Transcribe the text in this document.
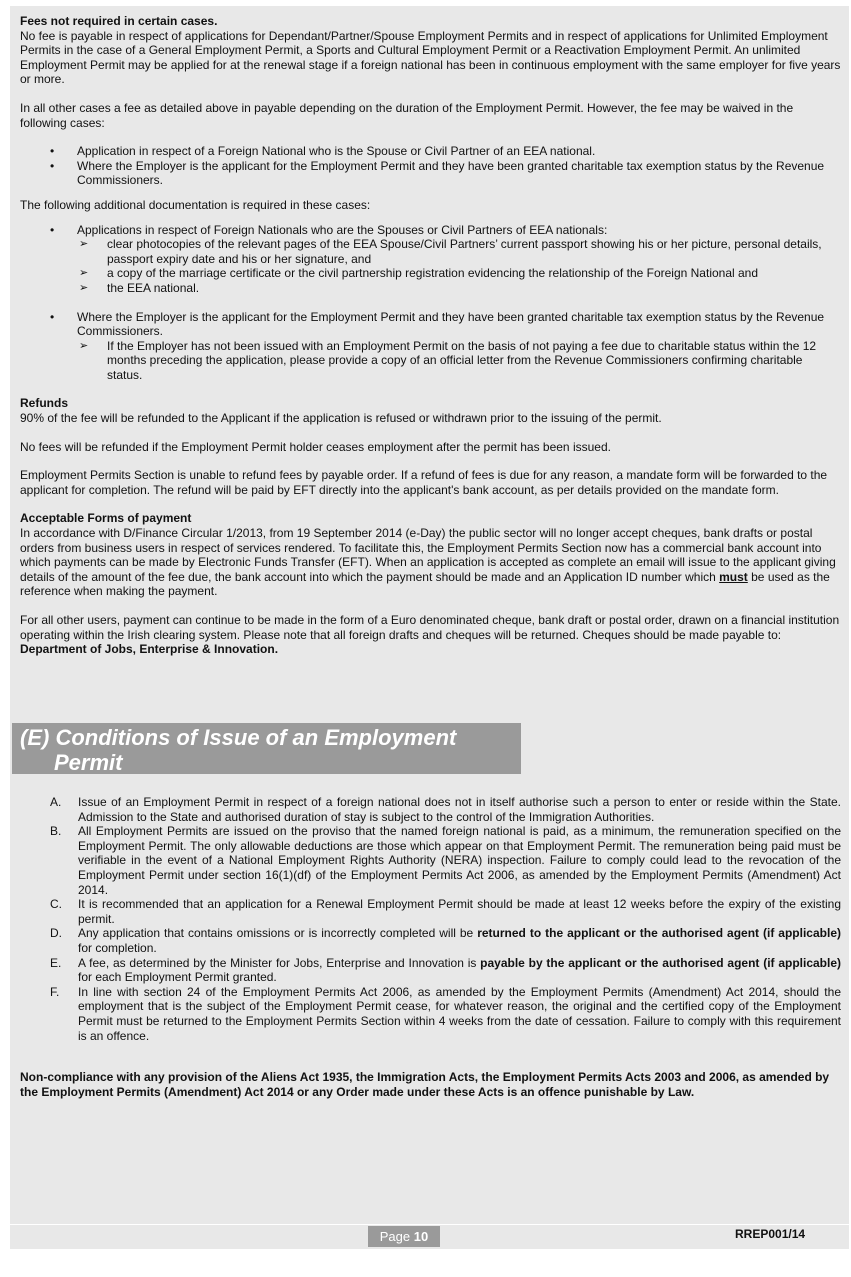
Fees not required in certain cases.

No fee is payable in respect of applications for Dependant/Partner/Spouse Employment Permits and in respect of applications for Unlimited Employment Permits in the case of a General Employment Permit, a Sports and Cultural Employment Permit or a Reactivation Employment Permit. An unlimited Employment Permit may be applied for at the renewal stage if a foreign national has been in continuous employment with the same employer for five years or more.

In all other cases a fee as detailed above in payable depending on the duration of the Employment Permit. However, the fee may be waived in the following cases:

• Application in respect of a Foreign National who is the Spouse or Civil Partner of an EEA national.
• Where the Employer is the applicant for the Employment Permit and they have been granted charitable tax exemption status by the Revenue Commissioners.

The following additional documentation is required in these cases:

• Applications in respect of Foreign Nationals who are the Spouses or Civil Partners of EEA nationals:

➢ clear photocopies of the relevant pages of the EEA Spouse/Civil Partners’ current passport showing his or her picture, personal details, passport expiry date and his or her signature, and
➢ a copy of the marriage certificate or the civil partnership registration evidencing the relationship of the Foreign National and
➢ the EEA national.

• Where the Employer is the applicant for the Employment Permit and they have been granted charitable tax exemption status by the Revenue Commissioners.

➢ If the Employer has not been issued with an Employment Permit on the basis of not paying a fee due to charitable status within the 12 months preceding the application, please provide a copy of an official letter from the Revenue Commissioners confirming charitable status.

Refunds

90% of the fee will be refunded to the Applicant if the application is refused or withdrawn prior to the issuing of the permit.

No fees will be refunded if the Employment Permit holder ceases employment after the permit has been issued.

Employment Permits Section is unable to refund fees by payable order. If a refund of fees is due for any reason, a mandate form will be forwarded to the applicant for completion. The refund will be paid by EFT directly into the applicant's bank account, as per details provided on the mandate form.

Acceptable Forms of payment

In accordance with D/Finance Circular 1/2013, from 19 September 2014 (e-Day) the public sector will no longer accept cheques, bank drafts or postal orders from business users in respect of services rendered. To facilitate this, the Employment Permits Section now has a commercial bank account into which payments can be made by Electronic Funds Transfer (EFT). When an application is accepted as complete an email will issue to the applicant giving details of the amount of the fee due, the bank account into which the payment should be made and an Application ID number which must be used as the reference when making the payment.

For all other users, payment can continue to be made in the form of a Euro denominated cheque, bank draft or postal order, drawn on a financial institution operating within the Irish clearing system. Please note that all foreign drafts and cheques will be returned. Cheques should be made payable to: Department of Jobs, Enterprise & Innovation.

A. Issue of an Employment Permit in respect of a foreign national does not in itself authorise such a person to enter or reside within the State. Admission to the State and authorised duration of stay is subject to the control of the Immigration Authorities.
B. All Employment Permits are issued on the proviso that the named foreign national is paid, as a minimum, the remuneration specified on the Employment Permit. The only allowable deductions are those which appear on that Employment Permit. The remuneration being paid must be verifiable in the event of a National Employment Rights Authority (NERA) inspection. Failure to comply could lead to the revocation of the Employment Permit under section 16(1)(df) of the Employment Permits Act 2006, as amended by the Employment Permits (Amendment) Act 2014.
C. It is recommended that an application for a Renewal Employment Permit should be made at least 12 weeks before the expiry of the existing permit.
D. Any application that contains omissions or is incorrectly completed will be returned to the applicant or the authorised agent (if applicable) for completion.
E. A fee, as determined by the Minister for Jobs, Enterprise and Innovation is payable by the applicant or the authorised agent (if applicable) for each Employment Permit granted.
F. In line with section 24 of the Employment Permits Act 2006, as amended by the Employment Permits (Amendment) Act 2014, should the employment that is the subject of the Employment Permit cease, for whatever reason, the original and the certified copy of the Employment Permit must be returned to the Employment Permits Section within 4 weeks from the date of cessation. Failure to comply with this requirement is an offence.

Non-compliance with any provision of the Aliens Act 1935, the Immigration Acts, the Employment Permits Acts 2003 and 2006, as amended by the Employment Permits (Amendment) Act 2014 or any Order made under these Acts is an offence punishable by Law.

(E) Conditions of Issue of an Employment
Permit
Page 10	RREP001/14
